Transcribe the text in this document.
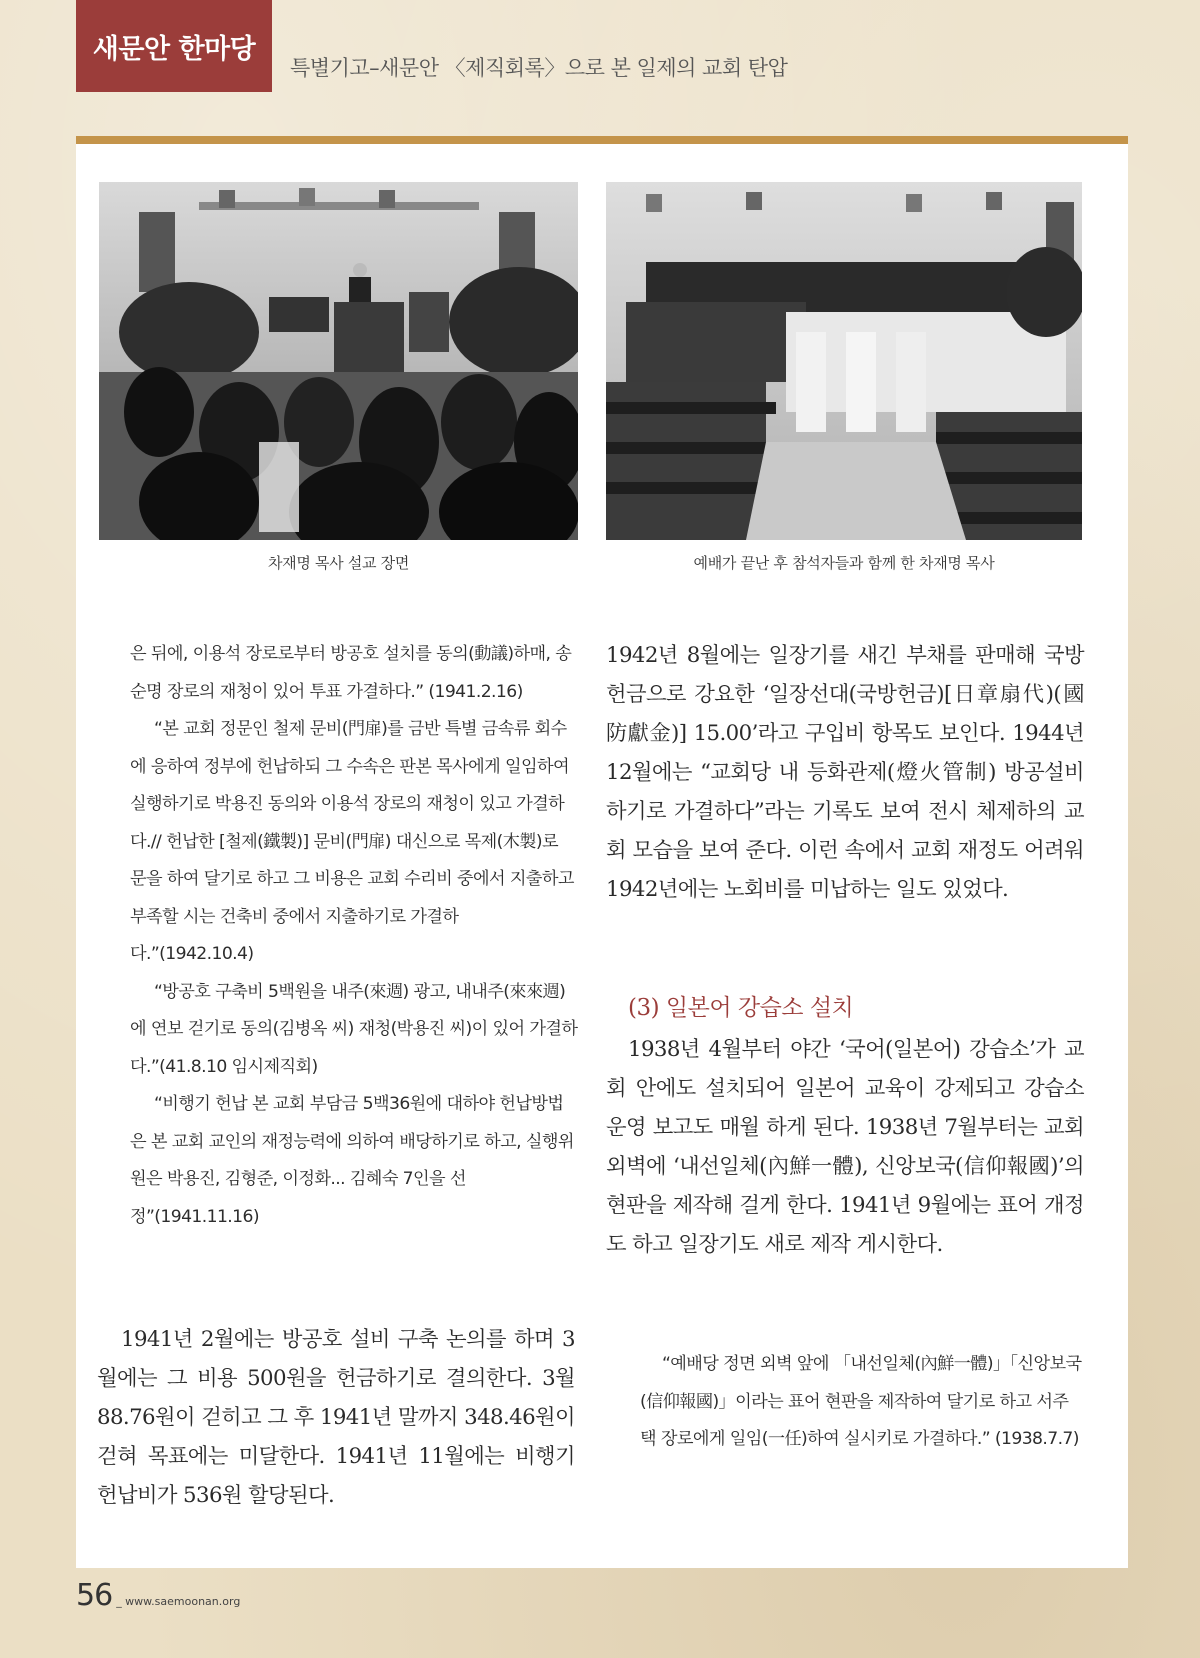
새문안 한마당
특별기고–새문안 〈제직회록〉으로 본 일제의 교회 탄압
차재명 목사 설교 장면	예배가 끝난 후 참석자들과 함께 한 차재명 목사

은 뒤에, 이용석 장로로부터 방공호 설치를 동의(動議)하매, 송순명 장로의 재청이 있어 투표 가결하다.” (1941.2.16)

“본 교회 정문인 철제 문비(門扉)를 금반 특별 금속류 회수에 응하여 정부에 헌납하되 그 수속은 판본 목사에게 일임하여 실행하기로 박용진 동의와 이용석 장로의 재청이 있고 가결하다.// 헌납한 [철제(鐵製)] 문비(門扉) 대신으로 목제(木製)로 문을 하여 달기로 하고 그 비용은 교회 수리비 중에서 지출하고 부족할 시는 건축비 중에서 지출하기로 가결하다.”(1942.10.4)

“방공호 구축비 5백원을 내주(來週) 광고, 내내주(來來週)에 연보 걷기로 동의(김병옥 씨) 재청(박용진 씨)이 있어 가결하다.”(41.8.10 임시제직회)

“비행기 헌납 본 교회 부담금 5백36원에 대하야 헌납방법은 본 교회 교인의 재정능력에 의하여 배당하기로 하고, 실행위원은 박용진, 김형준, 이정화... 김혜숙 7인을 선정”(1941.11.16)

1941년 2월에는 방공호 설비 구축 논의를 하며 3월에는 그 비용 500원을 헌금하기로 결의한다. 3월 88.76원이 걷히고 그 후 1941년 말까지 348.46원이 걷혀 목표에는 미달한다. 1941년 11월에는 비행기 헌납비가 536원 할당된다.
1942년 8월에는 일장기를 새긴 부채를 판매해 국방헌금으로 강요한 ‘일장선대(국방헌금)[日章扇代)(國防獻金)] 15.00’라고 구입비 항목도 보인다. 1944년 12월에는 “교회당 내 등화관제(燈火管制) 방공설비하기로 가결하다”라는 기록도 보여 전시 체제하의 교회 모습을 보여 준다. 이런 속에서 교회 재정도 어려워 1942년에는 노회비를 미납하는 일도 있었다.
(3) 일본어 강습소 설치
1938년 4월부터 야간 ‘국어(일본어) 강습소’가 교회 안에도 설치되어 일본어 교육이 강제되고 강습소 운영 보고도 매월 하게 된다. 1938년 7월부터는 교회 외벽에 ‘내선일체(內鮮一體), 신앙보국(信仰報國)’의 현판을 제작해 걸게 한다. 1941년 9월에는 표어 개정도 하고 일장기도 새로 제작 게시한다.

“예배당 정면 외벽 앞에 「내선일체(內鮮一體)」「신앙보국(信仰報國)」이라는 표어 현판을 제작하여 달기로 하고 서주택 장로에게 일임(一任)하여 실시키로 가결하다.” (1938.7.7)

56 _ www.saemoonan.org
